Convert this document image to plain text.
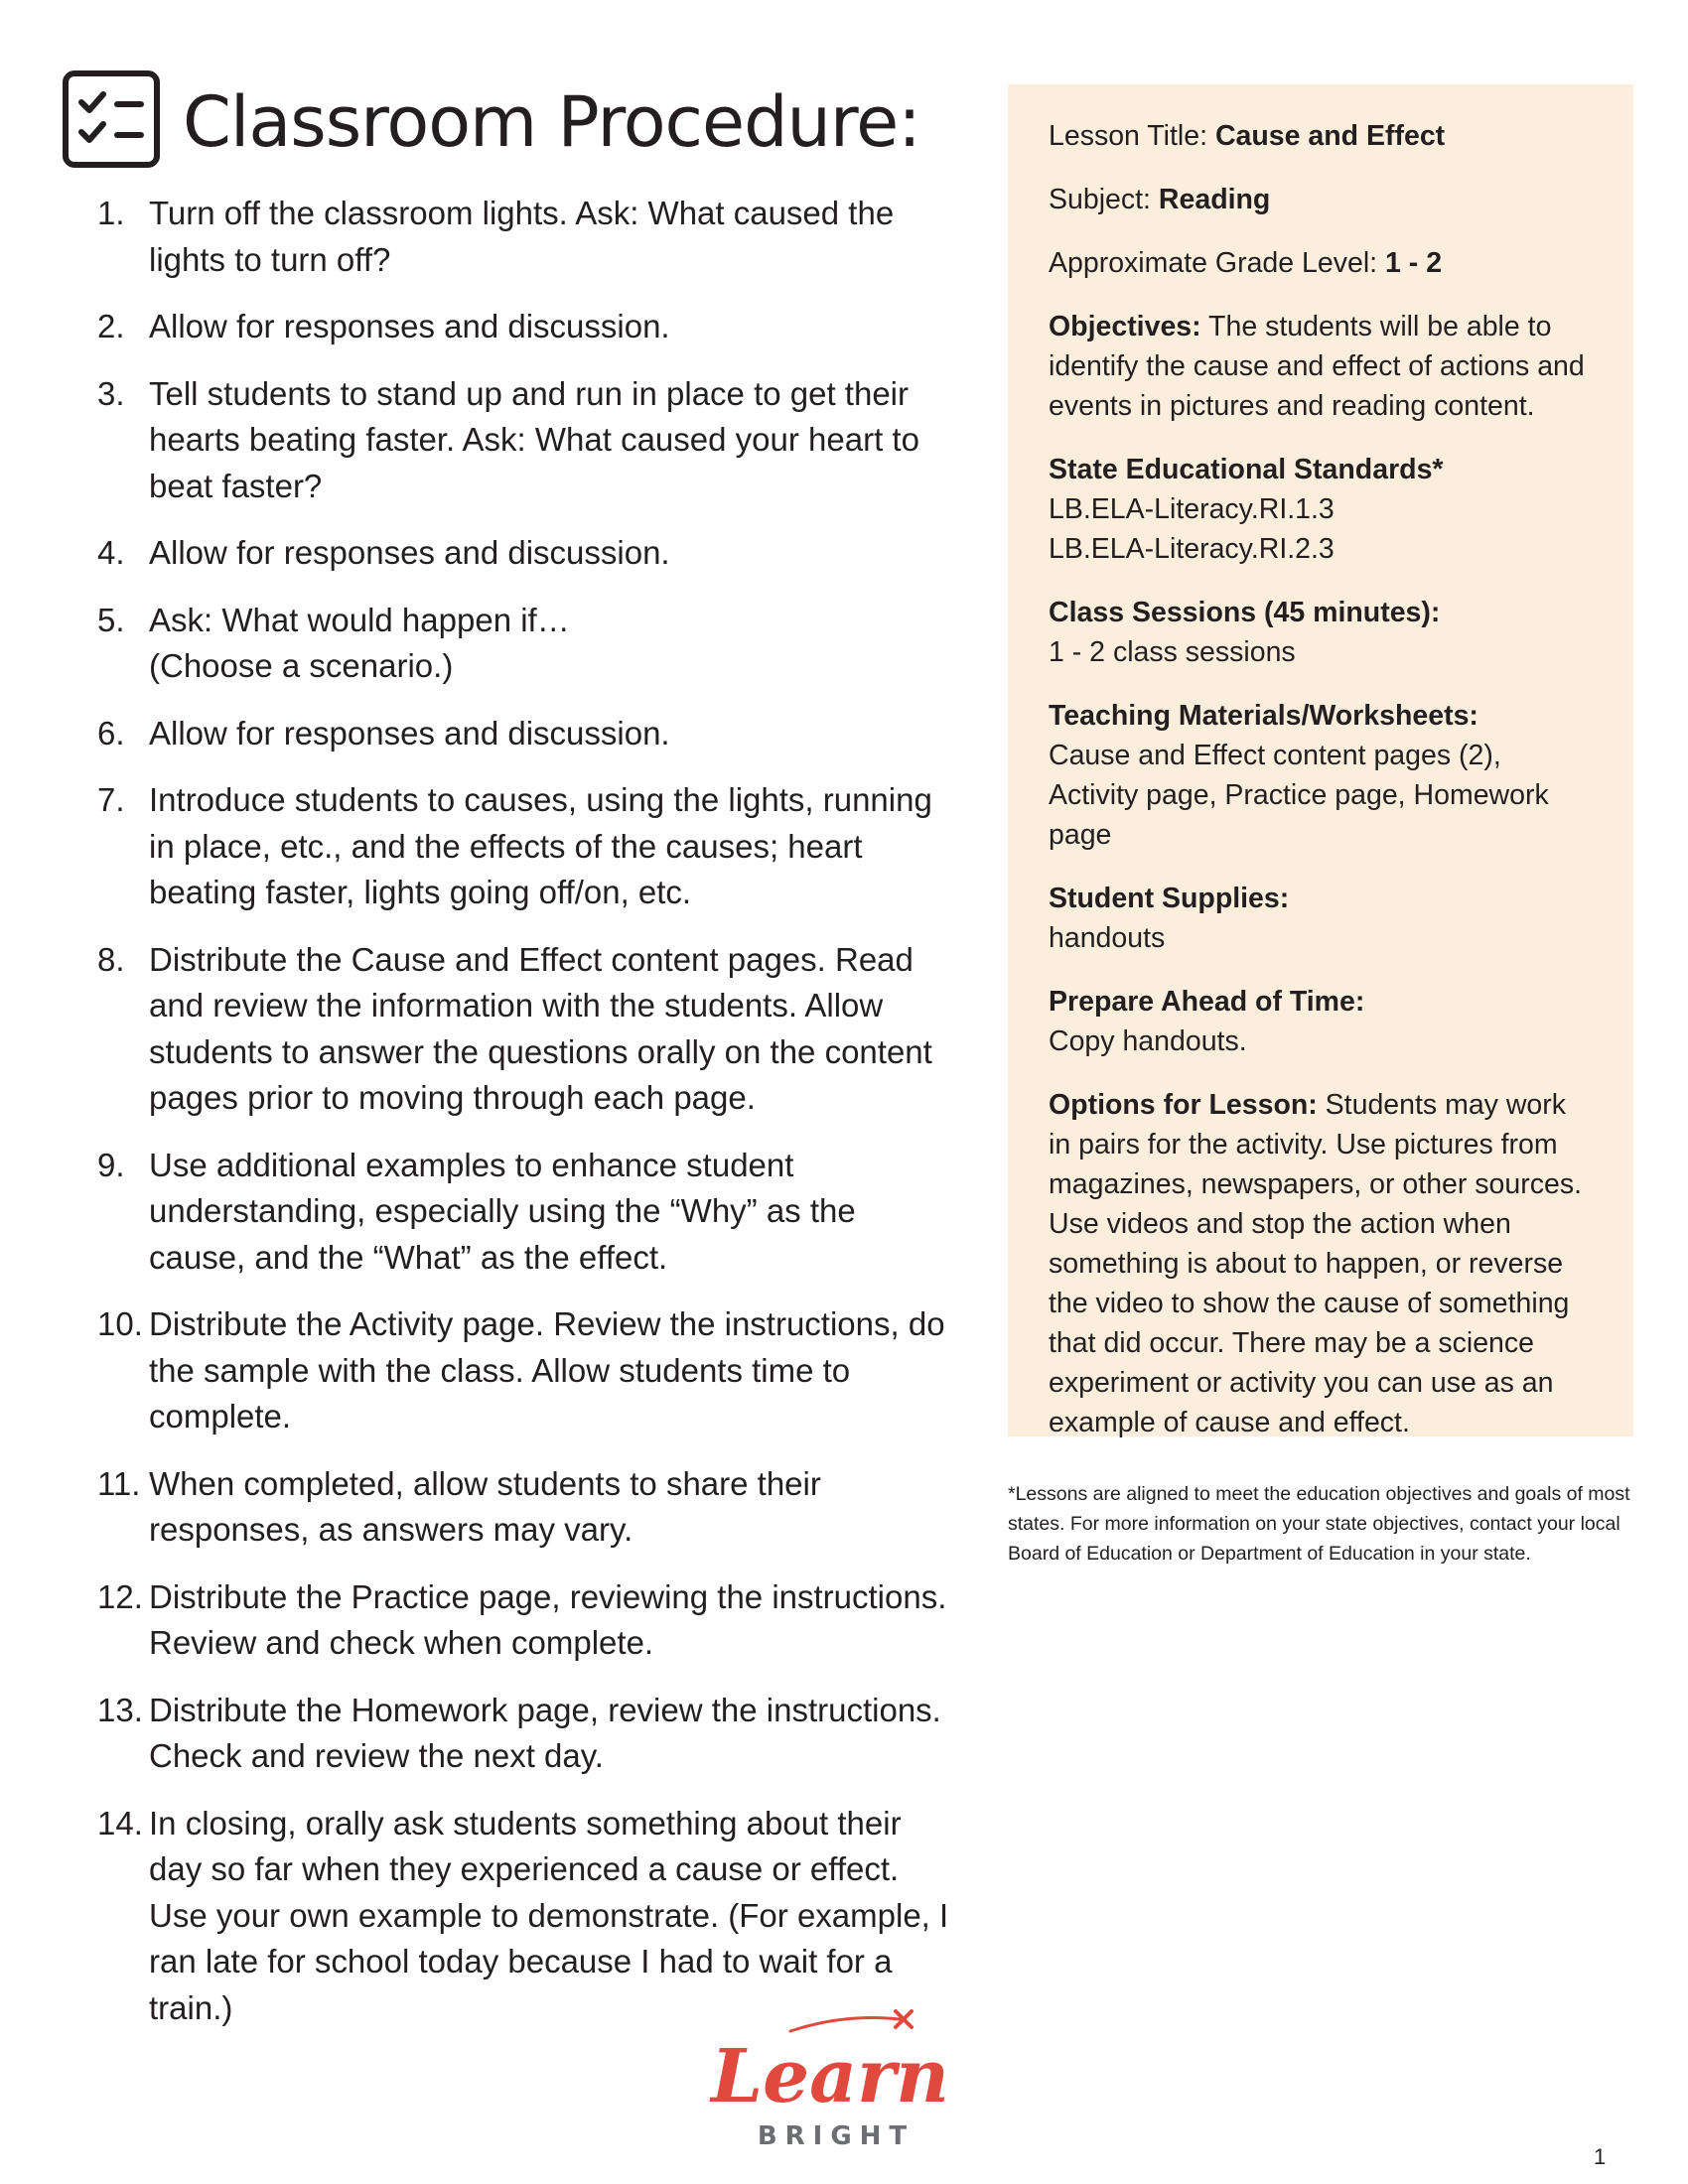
Classroom Procedure:
1. Turn off the classroom lights. Ask: What caused the lights to turn off?
2. Allow for responses and discussion.
3. Tell students to stand up and run in place to get their hearts beating faster. Ask: What caused your heart to beat faster?
4. Allow for responses and discussion.
5. Ask: What would happen if…
(Choose a scenario.)
6. Allow for responses and discussion.
7. Introduce students to causes, using the lights, running in place, etc., and the effects of the causes; heart beating faster, lights going off/on, etc.
8. Distribute the Cause and Effect content pages. Read and review the information with the students. Allow students to answer the questions orally on the content pages prior to moving through each page.
9. Use additional examples to enhance student understanding, especially using the “Why” as the cause, and the “What” as the effect.
10. Distribute the Activity page. Review the instructions, do the sample with the class. Allow students time to complete.
11. When completed, allow students to share their responses, as answers may vary.
12. Distribute the Practice page, reviewing the instructions. Review and check when complete.
13. Distribute the Homework page, review the instructions. Check and review the next day.
14. In closing, orally ask students something about their day so far when they experienced a cause or effect. Use your own example to demonstrate. (For example, I ran late for school today because I had to wait for a train.)
Lesson Title: Cause and Effect
Subject: Reading
Approximate Grade Level: 1 - 2
Objectives: The students will be able to identify the cause and effect of actions and events in pictures and reading content.
State Educational Standards*
LB.ELA-Literacy.RI.1.3
LB.ELA-Literacy.RI.2.3
Class Sessions (45 minutes):
1 - 2 class sessions
Teaching Materials/Worksheets:
Cause and Effect content pages (2), Activity page, Practice page, Homework page
Student Supplies:
handouts
Prepare Ahead of Time:
Copy handouts.
Options for Lesson: Students may work in pairs for the activity. Use pictures from magazines, newspapers, or other sources. Use videos and stop the action when something is about to happen, or reverse the video to show the cause of something that did occur. There may be a science experiment or activity you can use as an example of cause and effect.

*Lessons are aligned to meet the education objectives and goals of most states. For more information on your state objectives, contact your local Board of Education or Department of Education in your state.

Learn
BRIGHT
1
